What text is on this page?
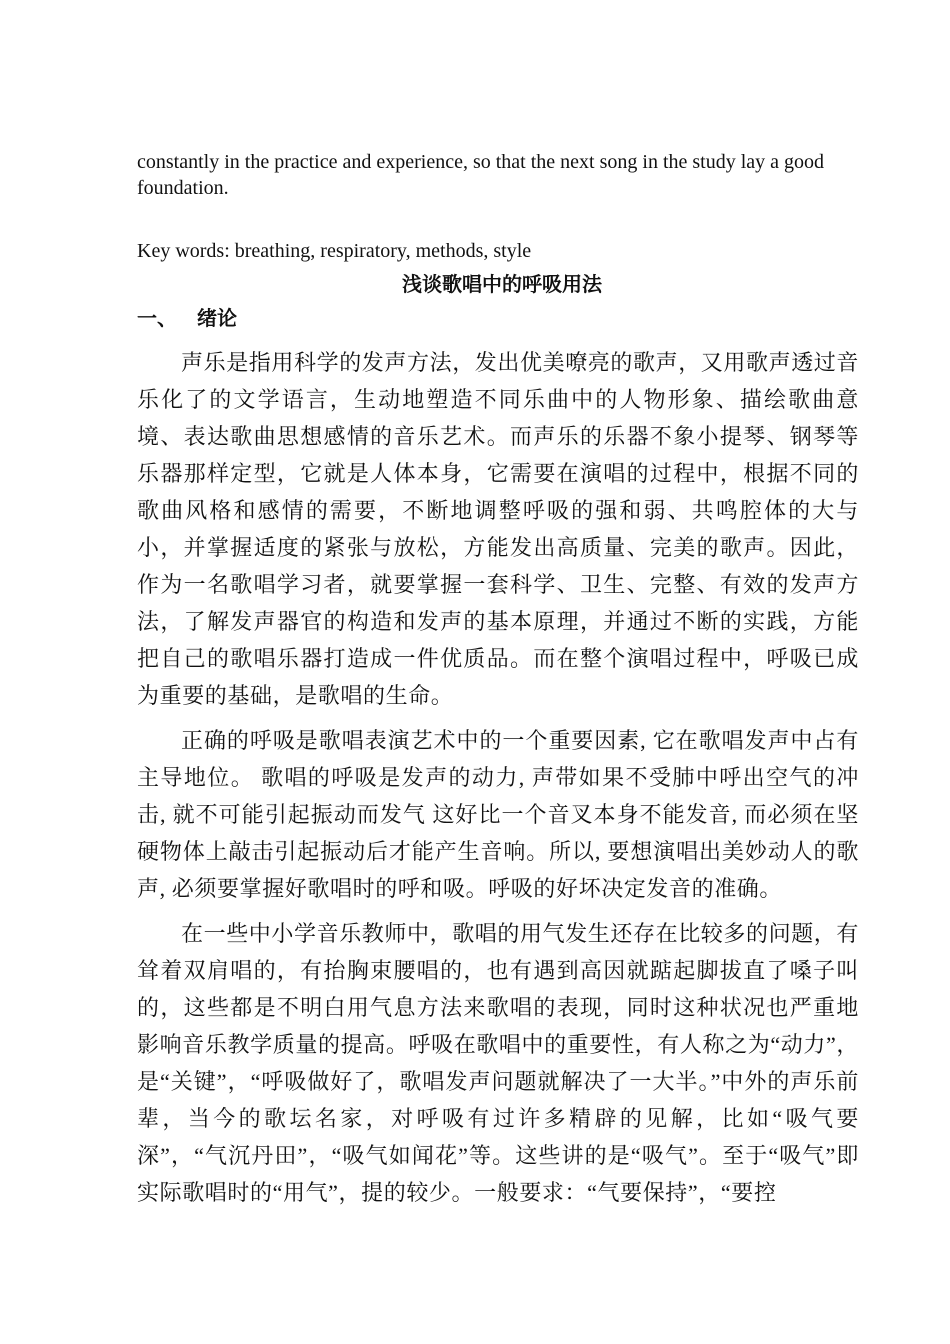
constantly in the practice and experience, so that the next song in the study lay a good foundation.

Key words: breathing, respiratory, methods, style

浅谈歌唱中的呼吸用法
一、 绪论

声乐是指用科学的发声方法，发出优美嘹亮的歌声，又用歌声透过音乐化了的文学语言，生动地塑造不同乐曲中的人物形象、描绘歌曲意境、表达歌曲思想感情的音乐艺术。而声乐的乐器不象小提琴、钢琴等乐器那样定型，它就是人体本身，它需要在演唱的过程中，根据不同的歌曲风格和感情的需要，不断地调整呼吸的强和弱、共鸣腔体的大与小，并掌握适度的紧张与放松，方能发出高质量、完美的歌声。因此，作为一名歌唱学习者，就要掌握一套科学、卫生、完整、有效的发声方法，了解发声器官的构造和发声的基本原理，并通过不断的实践，方能把自己的歌唱乐器打造成一件优质品。而在整个演唱过程中，呼吸已成为重要的基础，是歌唱的生命。

正确的呼吸是歌唱表演艺术中的一个重要因素, 它在歌唱发声中占有主导地位。 歌唱的呼吸是发声的动力, 声带如果不受肺中呼出空气的冲击, 就不可能引起振动而发气 这好比一个音叉本身不能发音, 而必须在坚硬物体上敲击引起振动后才能产生音响。所以, 要想演唱出美妙动人的歌声, 必须要掌握好歌唱时的呼和吸。呼吸的好坏决定发音的准确。

在一些中小学音乐教师中，歌唱的用气发生还存在比较多的问题，有耸着双肩唱的，有抬胸束腰唱的，也有遇到高因就踮起脚拔直了嗓子叫的，这些都是不明白用气息方法来歌唱的表现，同时这种状况也严重地影响音乐教学质量的提高。呼吸在歌唱中的重要性，有人称之为“动力”，是“关键”，“呼吸做好了，歌唱发声问题就解决了一大半。”中外的声乐前辈，当今的歌坛名家，对呼吸有过许多精辟的见解，比如“吸气要深”，“气沉丹田”，“吸气如闻花”等。这些讲的是“吸气”。至于“吸气”即实际歌唱时的“用气”，提的较少。一般要求：“气要保持”，“要控
